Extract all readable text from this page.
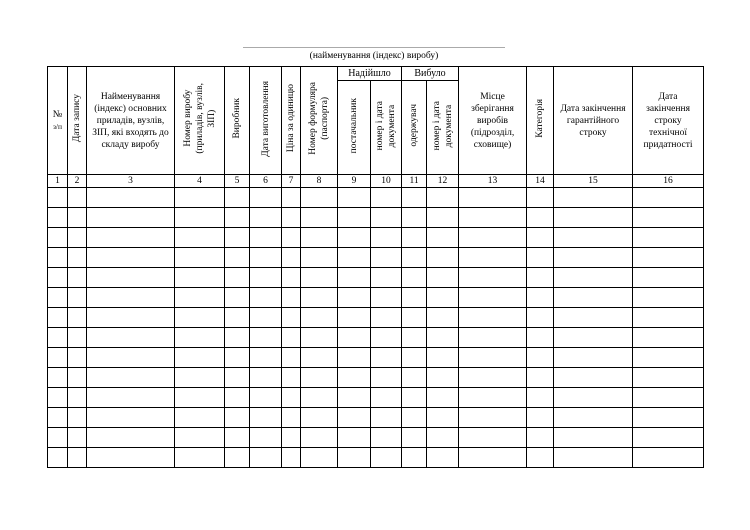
(найменування (індекс) виробу)
№
з/п	Дата запису	Найменування (індекс) основних приладів, вузлів, ЗІП, які входять до складу виробу	Номер виробу (приладів, вузлів, ЗІП)	Виробник	Дата виготовлення	Ціна за одиницю	Номер формуляра (паспорта)	Надійшло		Вибуло		Місце зберігання виробів (підрозділ, сховище)	Категорія	Дата закінчення гарантійного строку	Дата закінчення строку технічної придатності
								постачальник	номер і дата документа	одержувач	номер і дата документа				
1	2	3	4	5	6	7	8	9	10	11	12	13	14	15	16
